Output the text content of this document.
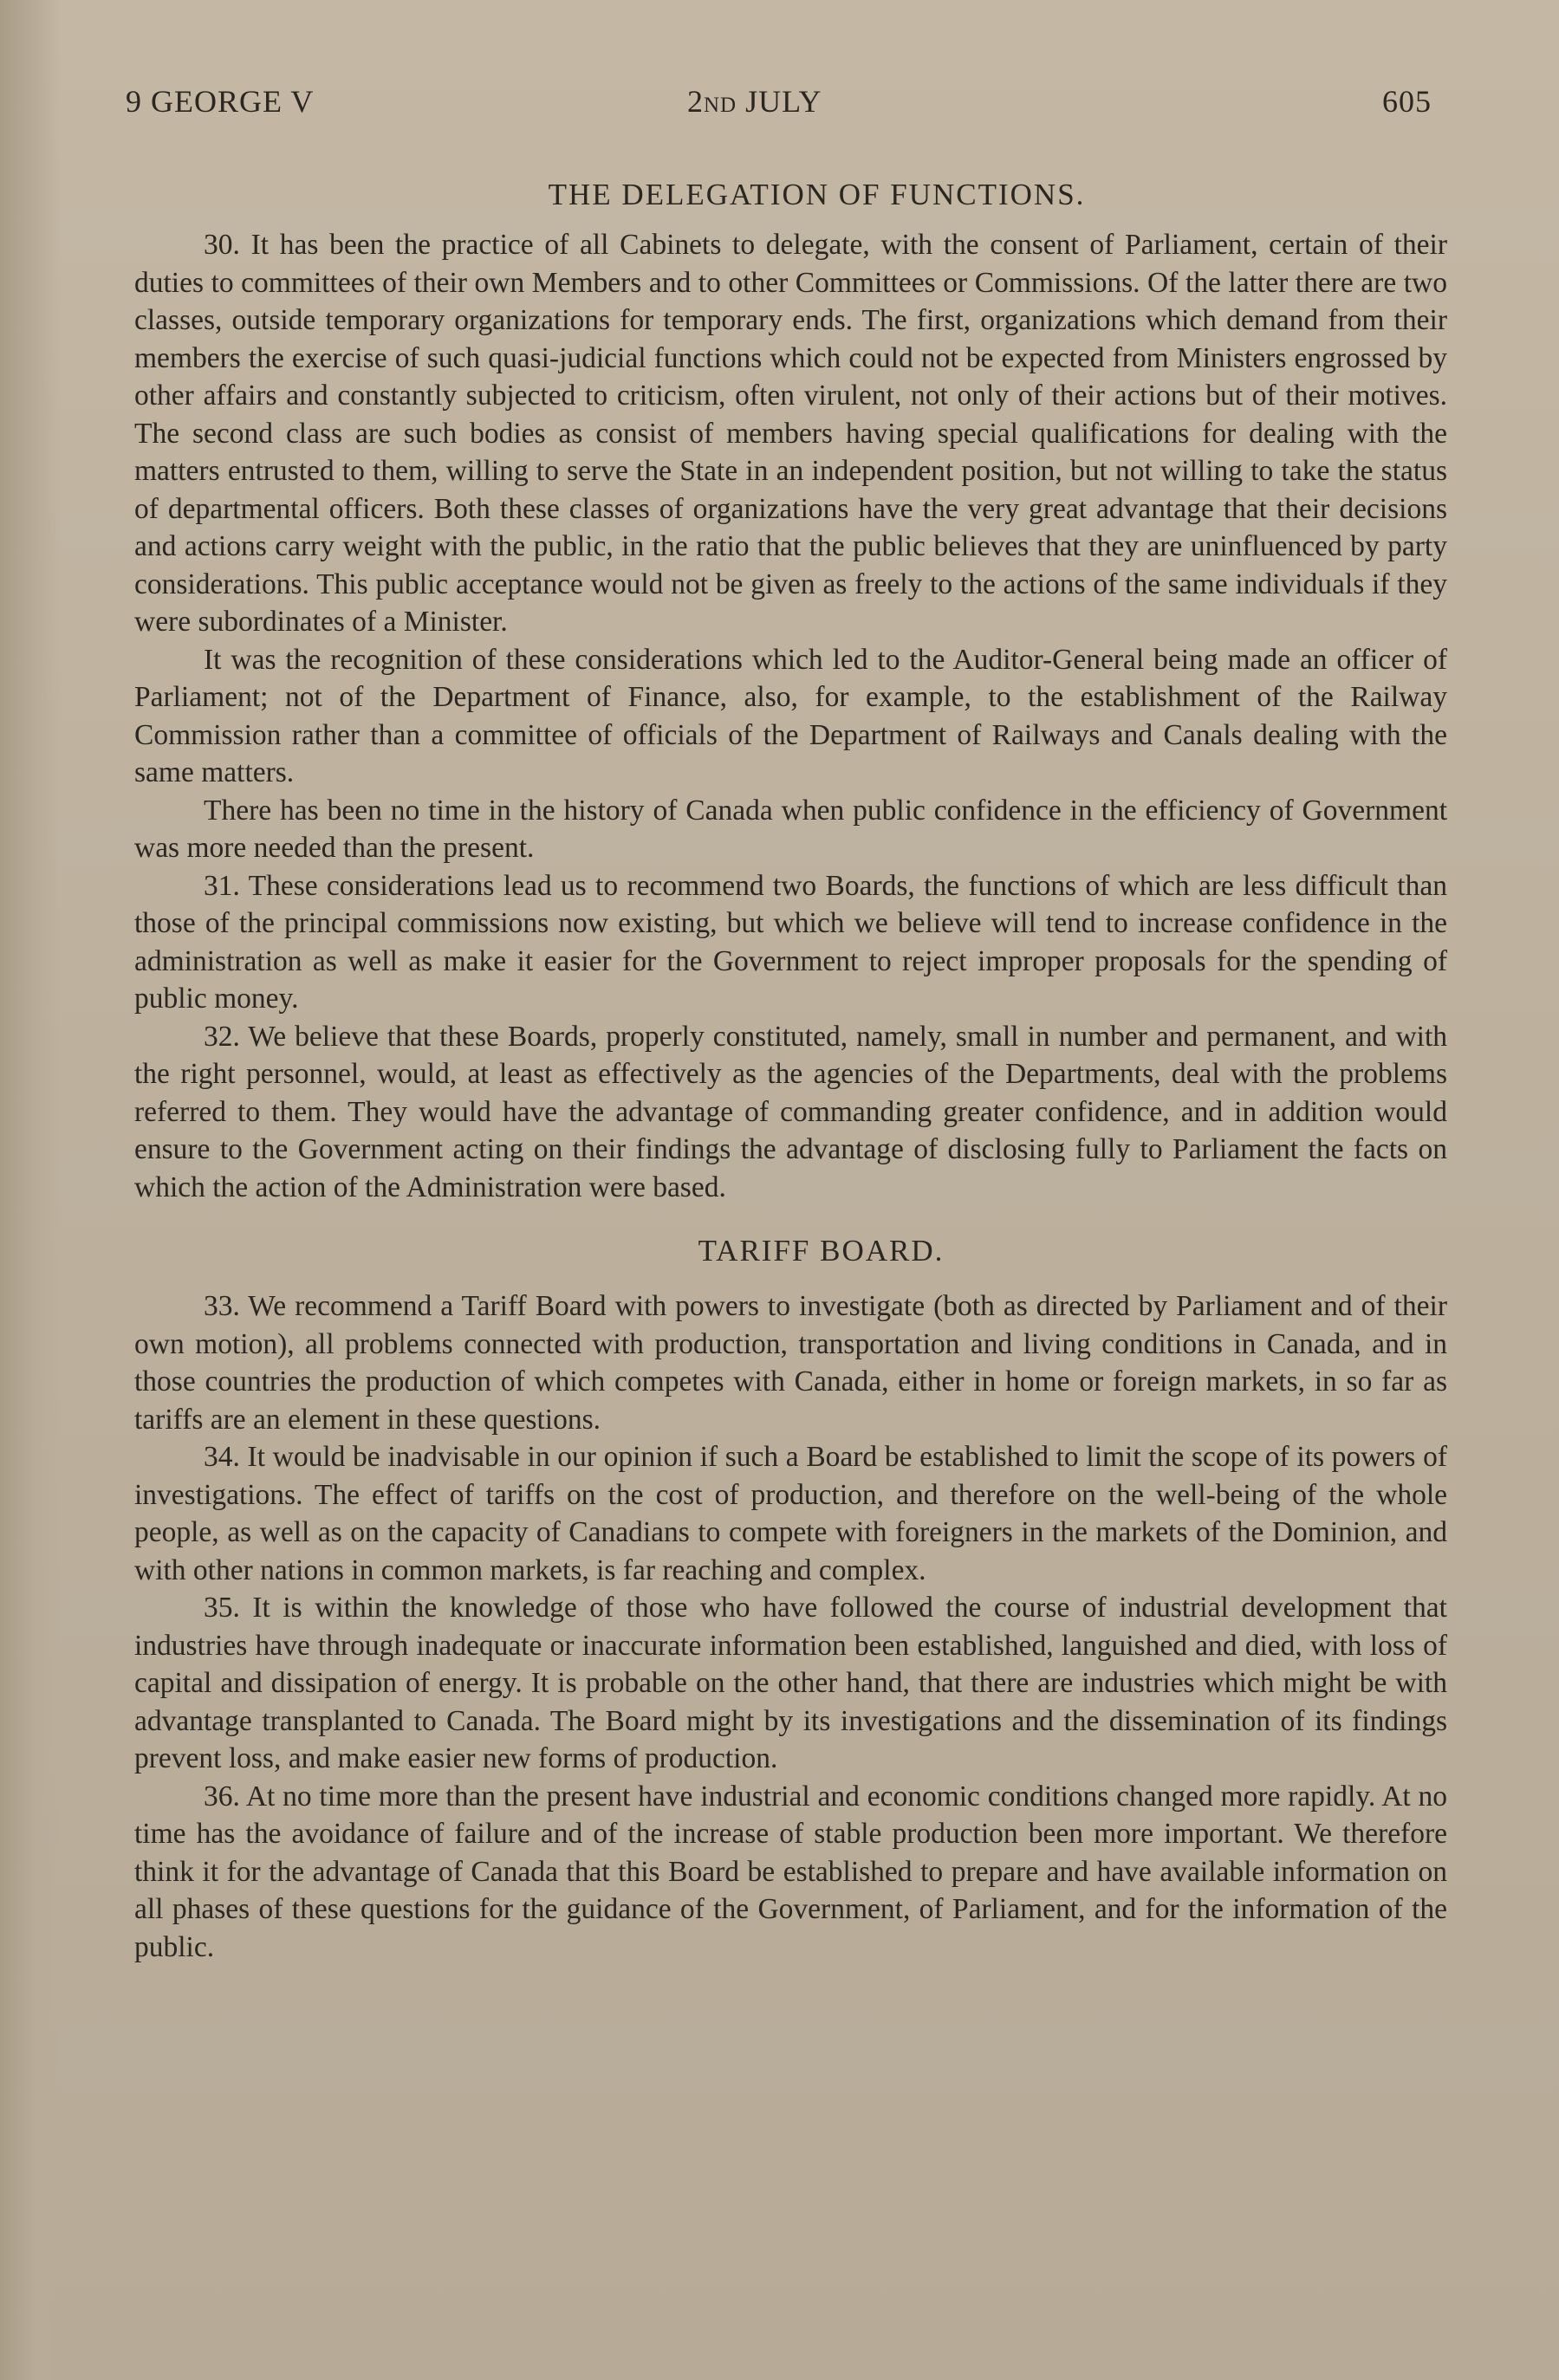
9 GEORGE V	2nd JULY	605
THE DELEGATION OF FUNCTIONS.

30. It has been the practice of all Cabinets to delegate, with the consent of Parliament, certain of their duties to committees of their own Members and to other Committees or Commissions. Of the latter there are two classes, outside temporary organizations for temporary ends. The first, organizations which demand from their members the exercise of such quasi-judicial functions which could not be expected from Ministers engrossed by other affairs and constantly subjected to criticism, often virulent, not only of their actions but of their motives. The second class are such bodies as consist of members having special qualifications for dealing with the matters entrusted to them, willing to serve the State in an independent position, but not willing to take the status of departmental officers. Both these classes of organizations have the very great advantage that their decisions and actions carry weight with the public, in the ratio that the public believes that they are uninfluenced by party considerations. This public acceptance would not be given as freely to the actions of the same individuals if they were subordinates of a Minister.

It was the recognition of these considerations which led to the Auditor-General being made an officer of Parliament; not of the Department of Finance, also, for example, to the establishment of the Railway Commission rather than a committee of officials of the Department of Railways and Canals dealing with the same matters.

There has been no time in the history of Canada when public confidence in the efficiency of Government was more needed than the present.

31. These considerations lead us to recommend two Boards, the functions of which are less difficult than those of the principal commissions now existing, but which we believe will tend to increase confidence in the administration as well as make it easier for the Government to reject improper proposals for the spending of public money.

32. We believe that these Boards, properly constituted, namely, small in number and permanent, and with the right personnel, would, at least as effectively as the agencies of the Departments, deal with the problems referred to them. They would have the advantage of commanding greater confidence, and in addition would ensure to the Government acting on their findings the advantage of disclosing fully to Parliament the facts on which the action of the Administration were based.

TARIFF BOARD.

33. We recommend a Tariff Board with powers to investigate (both as directed by Parliament and of their own motion), all problems connected with production, transportation and living conditions in Canada, and in those countries the production of which competes with Canada, either in home or foreign markets, in so far as tariffs are an element in these questions.

34. It would be inadvisable in our opinion if such a Board be established to limit the scope of its powers of investigations. The effect of tariffs on the cost of production, and therefore on the well-being of the whole people, as well as on the capacity of Canadians to compete with foreigners in the markets of the Dominion, and with other nations in common markets, is far reaching and complex.

35. It is within the knowledge of those who have followed the course of industrial development that industries have through inadequate or inaccurate information been established, languished and died, with loss of capital and dissipation of energy. It is probable on the other hand, that there are industries which might be with advantage transplanted to Canada. The Board might by its investigations and the dissemination of its findings prevent loss, and make easier new forms of production.

36. At no time more than the present have industrial and economic conditions changed more rapidly. At no time has the avoidance of failure and of the increase of stable production been more important. We therefore think it for the advantage of Canada that this Board be established to prepare and have available information on all phases of these questions for the guidance of the Government, of Parliament, and for the information of the public.
